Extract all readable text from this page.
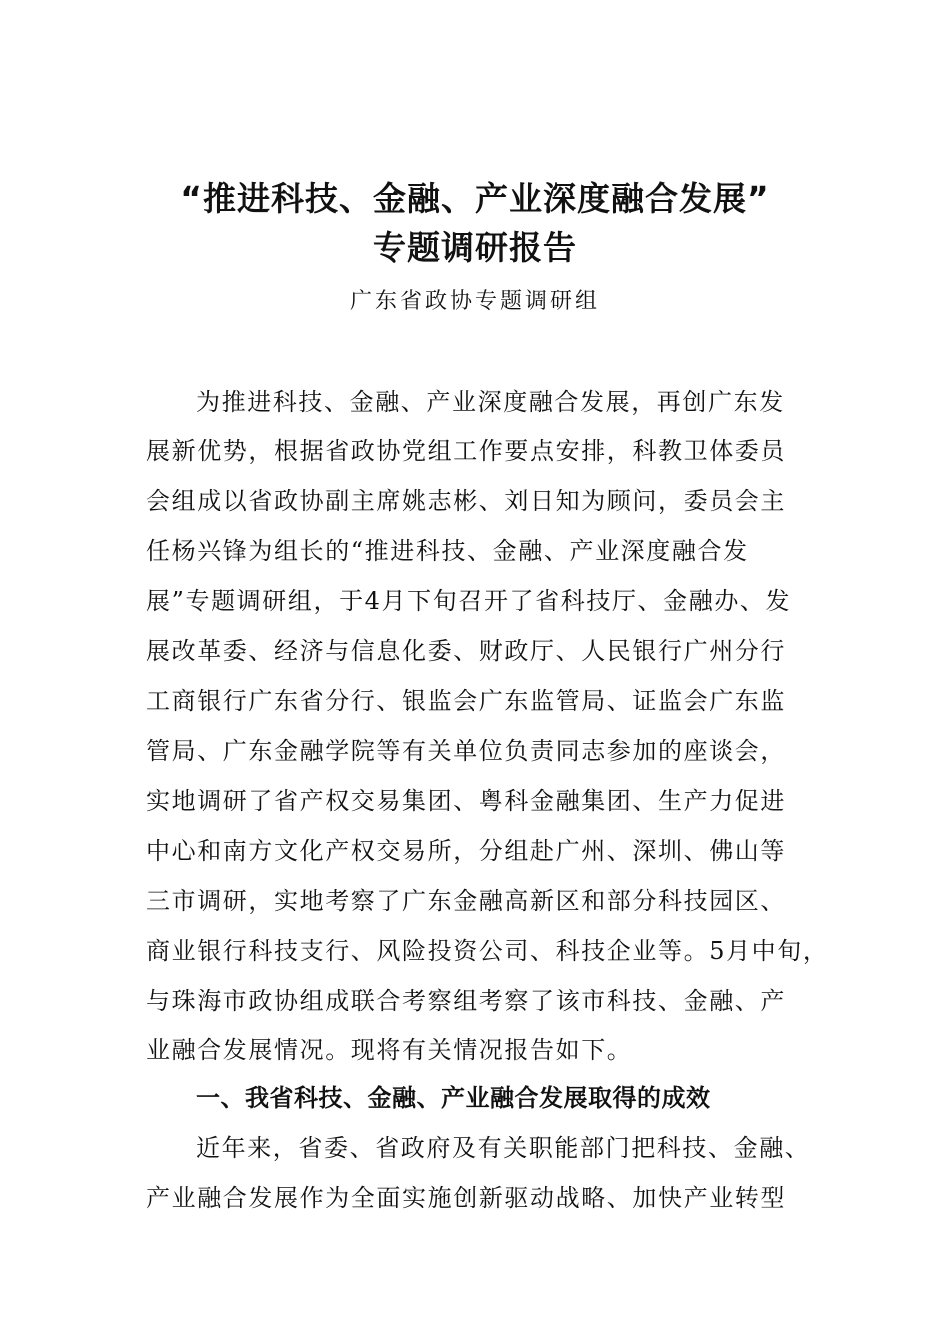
“推进科技、金融、产业深度融合发展”
专题调研报告
广东省政协专题调研组
为推进科技、金融、产业深度融合发展，再创广东发
展新优势，根据省政协党组工作要点安排，科教卫体委员
会组成以省政协副主席姚志彬、刘日知为顾问，委员会主
任杨兴锋为组长的“推进科技、金融、产业深度融合发
展”专题调研组，于4月下旬召开了省科技厅、金融办、发
展改革委、经济与信息化委、财政厅、人民银行广州分行
工商银行广东省分行、银监会广东监管局、证监会广东监
管局、广东金融学院等有关单位负责同志参加的座谈会，
实地调研了省产权交易集团、粤科金融集团、生产力促进
中心和南方文化产权交易所，分组赴广州、深圳、佛山等
三市调研，实地考察了广东金融高新区和部分科技园区、
商业银行科技支行、风险投资公司、科技企业等。5月中旬，
与珠海市政协组成联合考察组考察了该市科技、金融、产
业融合发展情况。现将有关情况报告如下。
一、我省科技、金融、产业融合发展取得的成效
近年来，省委、省政府及有关职能部门把科技、金融、
产业融合发展作为全面实施创新驱动战略、加快产业转型
